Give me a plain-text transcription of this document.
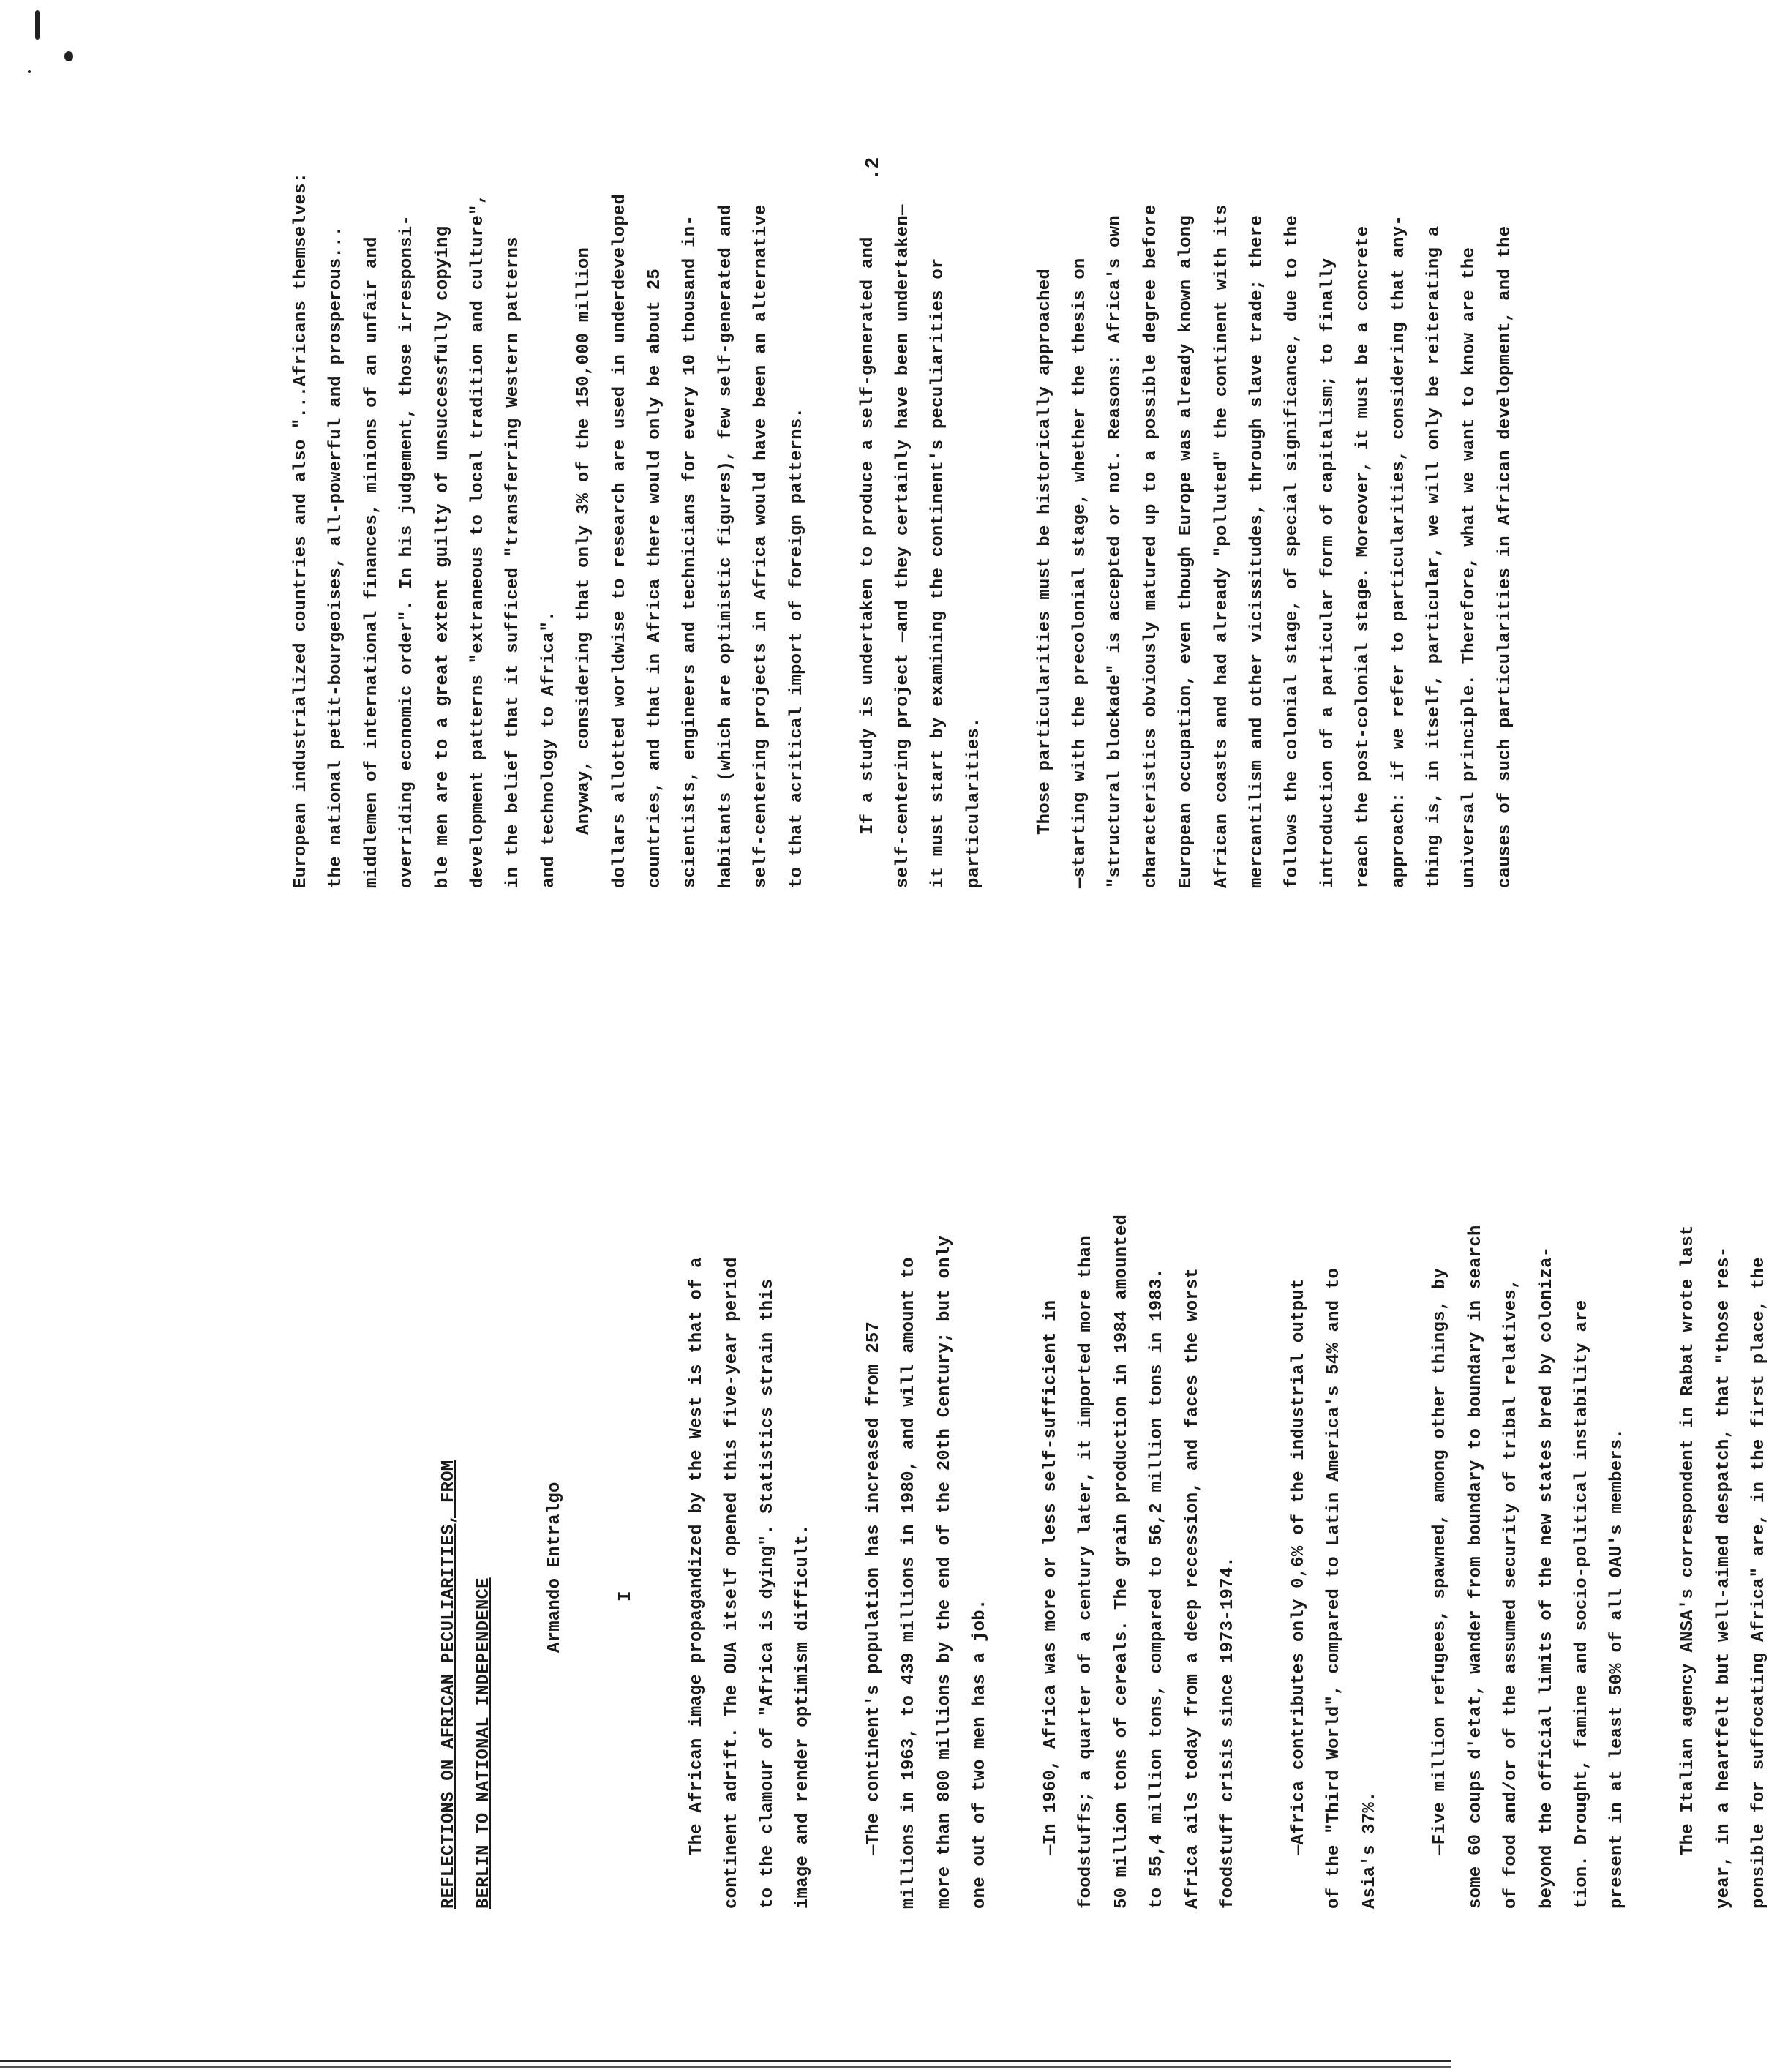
.2

REFLECTIONS ON AFRICAN PECULIARITIES, FROM BERLIN TO NATIONAL INDEPENDENCE

Armando Entralgo

	I

	The African image propagandized by the West is that of a continent adrift. The OUA itself opened this five-year period to the clamour of "Africa is dying". Statistics strain this image and render optimism difficult.

	—The continent's population has increased from 257 millions in 1963, to 439 millions in 1980, and will amount to more than 800 millions by the end of the 20th Century; but only one out of two men has a job.

	—In 1960, Africa was more or less self-sufficient in foodstuffs; a quarter of a century later, it imported more than 50 million tons of cereals. The grain production in 1984 amounted to 55,4 million tons, compared to 56,2 million tons in 1983. Africa ails today from a deep recession, and faces the worst foodstuff crisis since 1973-1974.

	—Africa contributes only 0,6% of the industrial output of the "Third World", compared to Latin America's 54% and to Asia's 37%.

	—Five million refugees, spawned, among other things, by some 60 coups d'etat, wander from boundary to boundary in search of food and/or of the assumed security of tribal relatives, beyond the official limits of the new states bred by coloniza- tion. Drought, famine and socio-political instability are present in at least 50% of all OAU's members.

	The Italian agency ANSA's correspondent in Rabat wrote last year, in a heartfelt but well-aimed despatch, that "those res- ponsible for suffocating Africa" are, in the first place, the

European industrialized countries and also "...Africans themselves: the national petit-bourgeoises, all-powerful and prosperous... middlemen of international finances, minions of an unfair and overriding economic order". In his judgement, those irresponsi- ble men are to a great extent guilty of unsuccessfully copying development patterns "extraneous to local tradition and culture", in the belief that it sufficed "transferring Western patterns and technology to Africa". Anyway, considering that only 3% of the 150,000 million dollars allotted worldwise to research are used in underdeveloped countries, and that in Africa there would only be about 25 scientists, engineers and technicians for every 10 thousand in- habitants (which are optimistic figures), few self-generated and self-centering projects in Africa would have been an alternative to that acritical import of foreign patterns.

	If a study is undertaken to produce a self-generated and self-centering project —and they certainly have been undertaken— it must start by examining the continent's peculiarities or particularities.

	Those particularities must be historically approached —starting with the precolonial stage, whether the thesis on "structural blockade" is accepted or not. Reasons: Africa's own characteristics obviously matured up to a possible degree before European occupation, even though Europe was already known along African coasts and had already "polluted" the continent with its mercantilism and other vicissitudes, through slave trade; there follows the colonial stage, of special significance, due to the introduction of a particular form of capitalism; to finally reach the post-colonial stage. Moreover, it must be a concrete approach: if we refer to particularities, considering that any- thing is, in itself, particular, we will only be reiterating a universal principle. Therefore, what we want to know are the causes of such particularities in African development, and the
